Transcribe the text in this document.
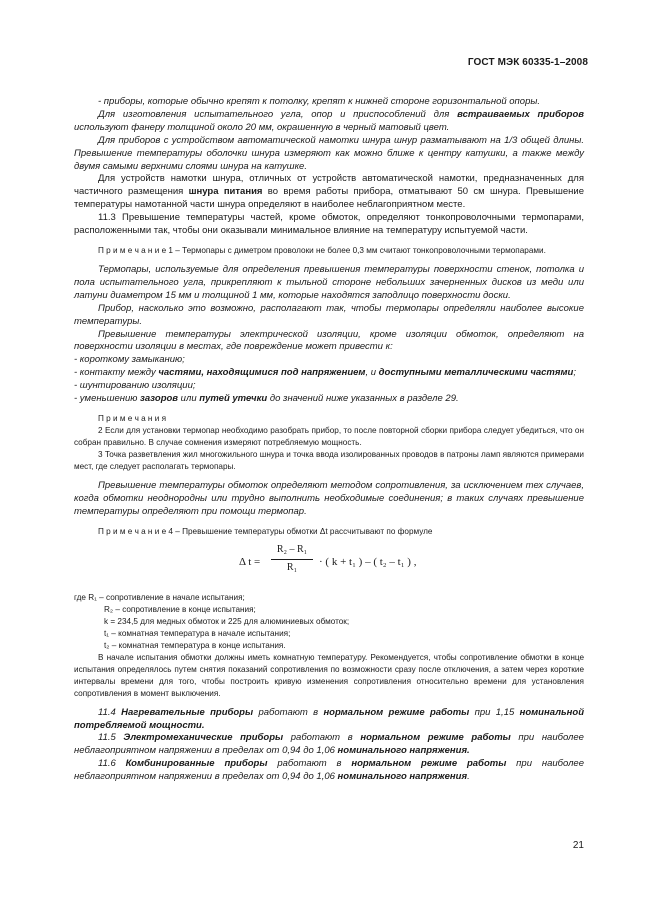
ГОСТ МЭК 60335-1–2008

- приборы, которые обычно крепят к потолку, крепят к нижней стороне горизонтальной опоры.

Для изготовления испытательного угла, опор и приспособлений для встраиваемых приборов используют фанеру толщиной около 20 мм, окрашенную в черный матовый цвет.

Для приборов с устройством автоматической намотки шнура шнур разматывают на 1/3 общей длины. Превышение температуры оболочки шнура измеряют как можно ближе к центру катушки, а также между двумя самыми верхними слоями шнура на катушке.

Для устройств намотки шнура, отличных от устройств автоматической намотки, предназначенных для частичного размещения шнура питания во время работы прибора, отматывают 50 см шнура. Превышение температуры намотанной части шнура определяют в наиболее неблагоприятном месте.

11.3 Превышение температуры частей, кроме обмоток, определяют тонкопроволочными термопарами, расположенными так, чтобы они оказывали минимальное влияние на температуру испытуемой части.

П р и м е ч а н и е 1 – Термопары с диметром проволоки не более 0,3 мм считают тонкопроволочными термопарами.

Термопары, используемые для определения превышения температуры поверхности стенок, потолка и пола испытательного угла, прикрепляют к тыльной стороне небольших зачерненных дисков из меди или латуни диаметром 15 мм и толщиной 1 мм, которые находятся заподлицо поверхности доски.

Прибор, насколько это возможно, располагают так, чтобы термопары определяли наиболее высокие температуры.

Превышение температуры электрической изоляции, кроме изоляции обмоток, определяют на поверхности изоляции в местах, где повреждение может привести к:

- короткому замыканию;

- контакту между частями, находящимися под напряжением, и доступными металлическими частями;

- шунтированию изоляции;

- уменьшению зазоров или путей утечки до значений ниже указанных в разделе 29.

П р и м е ч а н и я

2 Если для установки термопар необходимо разобрать прибор, то после повторной сборки прибора следует убедиться, что он собран правильно. В случае сомнения измеряют потребляемую мощность.

3 Точка разветвления жил многожильного шнура и точка ввода изолированных проводов в патроны ламп являются примерами мест, где следует располагать термопары.

Превышение температуры обмоток определяют методом сопротивления, за исключением тех случаев, когда обмотки неоднородны или трудно выполнить необходимые соединения; в таких случаях превышение температуры определяют при помощи термопар.

П р и м е ч а н и е 4 – Превышение температуры обмотки Δt рассчитывают по формуле

Δ $t = \frac{\text{R₂ – R₁}}{\text{R₁}}$ · ( k + t₁ ) – ( t₂ – t₁ ) ,
где R₁ – сопротивление в начале испытания;
R₂ – сопротивление в конце испытания;
k = 234,5 для медных обмоток и 225 для алюминиевых обмоток;
t₁ – комнатная температура в начале испытания;
t₂ – комнатная температура в конце испытания.

В начале испытания обмотки должны иметь комнатную температуру. Рекомендуется, чтобы сопротивление обмотки в конце испытания определялось путем снятия показаний сопротивления по возможности сразу после отключения, а затем через короткие интервалы времени для того, чтобы построить кривую изменения сопротивления относительно времени для установления сопротивления в момент выключения.

11.4 Нагревательные приборы работают в нормальном режиме работы при 1,15 номинальной потребляемой мощности.

11.5 Электромеханические приборы работают в нормальном режиме работы при наиболее неблагоприятном напряжении в пределах от 0,94 до 1,06 номинального напряжения.

11.6 Комбинированные приборы работают в нормальном режиме работы при наиболее неблагоприятном напряжении в пределах от 0,94 до 1,06 номинального напряжения.

21
